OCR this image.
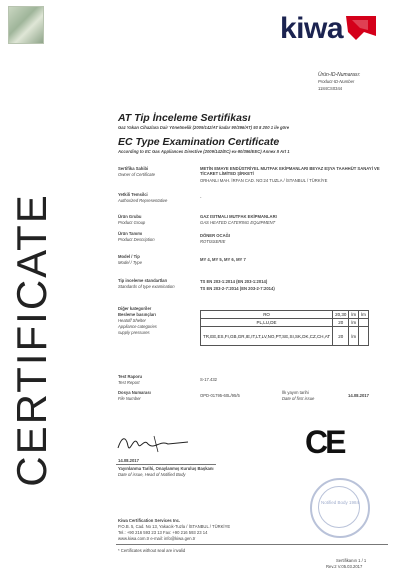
kiwa
CERTIFICATE
Ürün-ID-Numarası:
Product-ID-Number
1184CS0344
AT Tip İnceleme Sertifikası
Gaz Yakan Cihazlara Dair Yönetmelik (2009/142/AT kadar 90/396/AT) 93 8 200 1 ile göre
EC Type Examination Certificate
According to EC Gas Appliances Directive (2009/142/EC) ex-90/396/EEC) Annex II Art 1
Sertifika Sahibi
Owner of Certificate
METİN EMAYE ENDÜSTRİYEL MUTFAK EKİPMANLARI BEYAZ EŞYA TAAHHÜT SANAYİ VE TİCARET LİMİTED ŞİRKETİ
ORHANLI MAH. İRFAN CAD. NO:24 TUZLA / İSTANBUL / TÜRKİYE
Yetkili Temsilci
Authorized Representative
-
Ürün Grubu
Product Group
GAZ ISITMALI MUTFAK EKİPMANLARI
GAS HEATED CATERING EQUIPMENT
Ürün Tanımı
Product Description
DÖNER OCAĞI
ROTISSERIE
Model / Tip
Model / Type
MY 4, MY 5, MY 6, MY 7
Tip inceleme standartları
Standards of type examination
TS EN 203-1:2014 (EN 203-1:2014)
TS EN 203-2-7:2014 (EN 203-2-7:2014)
Diğer kategoriler
Besleme basınçları
Heatoff Shelter
Appliance categories
supply pressures
RO	20,30	lm	lm
PL,LU,DE	20	lm	
TR,EE,ES,FI,GB,GR,IE,IT,LT,LV,NO,PT,SE,SI,SK,DK,CZ,CH,AT	20	lm	
Test Raporu
Test Report
S-17.432
Dosya Numarası
File Number
OPD-01795-60L/95/5
İlk yayım tarihi
Date of first issue
14.08.2017
14.08.2017
Yayınlanma Tarihi, Onaylanmış Kuruluş Başkanı
Date of issue, Head of Notified Body
CE
Notified Body 1984
Kiwa Certification Services Inc.
P.O.B. 5, Cad. No 13, Yakacık-Tuzla / İSTANBUL / TÜRKİYE
Tel.: +90 216 593 23 13 Fax: +90 216 593 23 14
www.kiwa.com.tr e-mail: info@kiwa.gen.tr
* Certificates without seal are invalid
Sertifikanın 1 / 1
Rev.2 V.05.03.2017
